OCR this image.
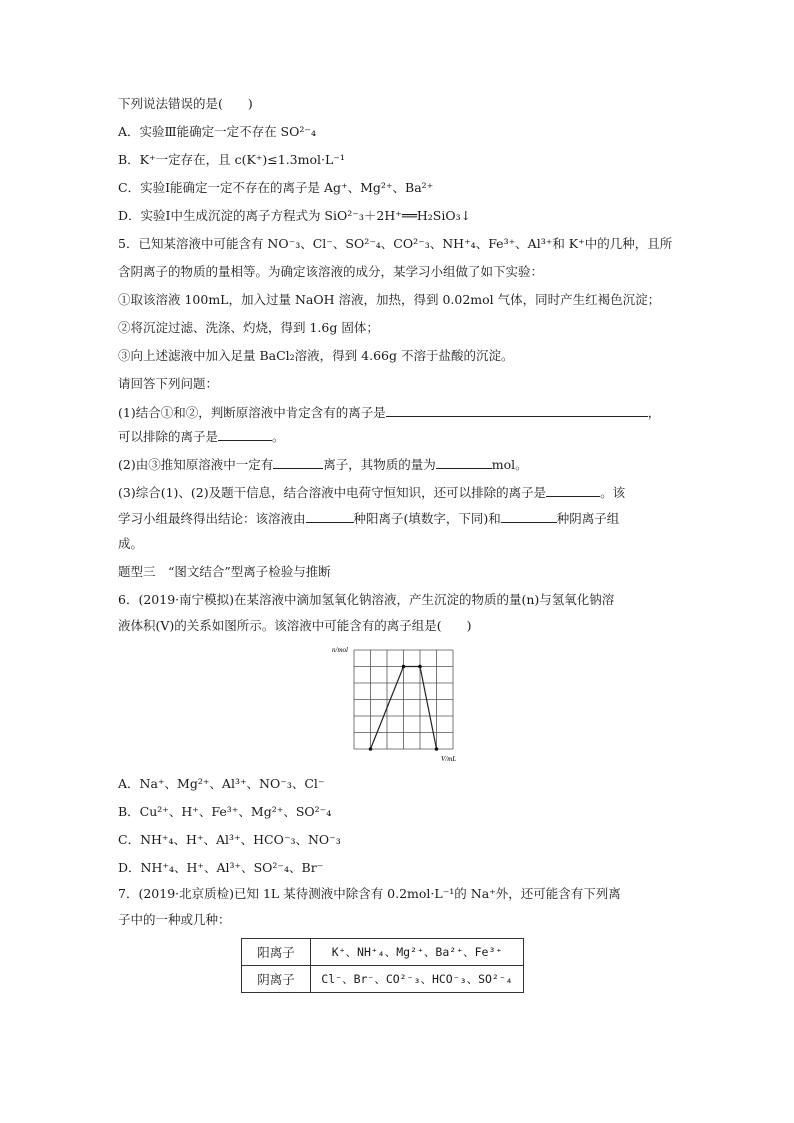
下列说法错误的是(　　)
A．实验Ⅲ能确定一定不存在 SO²⁻₄
B．K⁺一定存在，且 c(K⁺)≤1.3mol·L⁻¹
C．实验Ⅰ能确定一定不存在的离子是 Ag⁺、Mg²⁺、Ba²⁺
D．实验Ⅰ中生成沉淀的离子方程式为 SiO²⁻₃＋2H⁺══H₂SiO₃↓
5．已知某溶液中可能含有 NO⁻₃、Cl⁻、SO²⁻₄、CO²⁻₃、NH⁺₄、Fe³⁺、Al³⁺和 K⁺中的几种，且所
含阴离子的物质的量相等。为确定该溶液的成分，某学习小组做了如下实验：
①取该溶液 100mL，加入过量 NaOH 溶液，加热，得到 0.02mol 气体，同时产生红褐色沉淀；
②将沉淀过滤、洗涤、灼烧，得到 1.6g 固体；
③向上述滤液中加入足量 BaCl₂溶液，得到 4.66g 不溶于盐酸的沉淀。
请回答下列问题：
(1)结合①和②，判断原溶液中肯定含有的离子是	，
可以排除的离子是	。
(2)由③推知原溶液中一定有	离子，其物质的量为	mol。
(3)综合(1)、(2)及题干信息，结合溶液中电荷守恒知识，还可以排除的离子是	。该
学习小组最终得出结论：该溶液由	种阳离子(填数字，下同)和	种阴离子组
成。
题型三　“图文结合”型离子检验与推断
6．(2019·南宁模拟)在某溶液中滴加氢氧化钠溶液，产生沉淀的物质的量(n)与氢氧化钠溶
液体积(V)的关系如图所示。该溶液中可能含有的离子组是(　　)
n/mol
V/mL
A．Na⁺、Mg²⁺、Al³⁺、NO⁻₃、Cl⁻
B．Cu²⁺、H⁺、Fe³⁺、Mg²⁺、SO²⁻₄
C．NH⁺₄、H⁺、Al³⁺、HCO⁻₃、NO⁻₃
D．NH⁺₄、H⁺、Al³⁺、SO²⁻₄、Br⁻
7．(2019·北京质检)已知 1L 某待测液中除含有 0.2mol·L⁻¹的 Na⁺外，还可能含有下列离
子中的一种或几种：
阳离子	K⁺、NH⁺₄、Mg²⁺、Ba²⁺、Fe³⁺
阴离子	Cl⁻、Br⁻、CO²⁻₃、HCO⁻₃、SO²⁻₄
